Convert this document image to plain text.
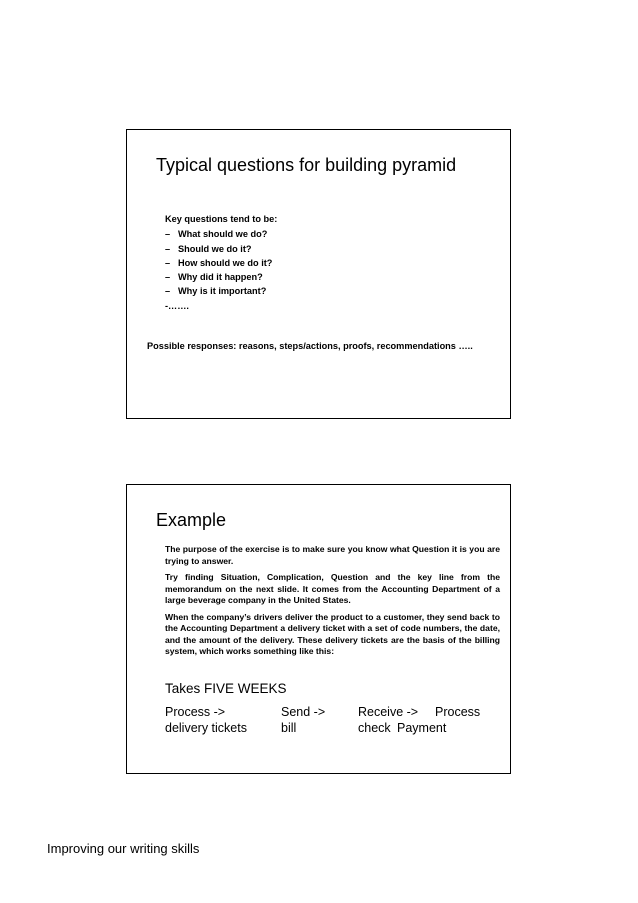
Typical questions for building pyramid
Key questions tend to be:
– What should we do?
– Should we do it?
– How should we do it?
– Why did it happen?
– Why is it important?
-…….
Possible responses: reasons, steps/actions, proofs, recommendations …..
Example

The purpose of the exercise is to make sure you know what Question it is you are trying to answer.

Try finding Situation, Complication, Question and the key line from the memorandum on the next slide. It comes from the Accounting Department of a large beverage company in the United States.

When the company’s drivers deliver the product to a customer, they send back to the Accounting Department a delivery ticket with a set of code numbers, the date, and the amount of the delivery. These delivery tickets are the basis of the billing system, which works something like this:

Takes FIVE WEEKS
Process ->
delivery tickets
Send ->
bill
Receive ->
check
Process
Payment
Improving our writing skills
